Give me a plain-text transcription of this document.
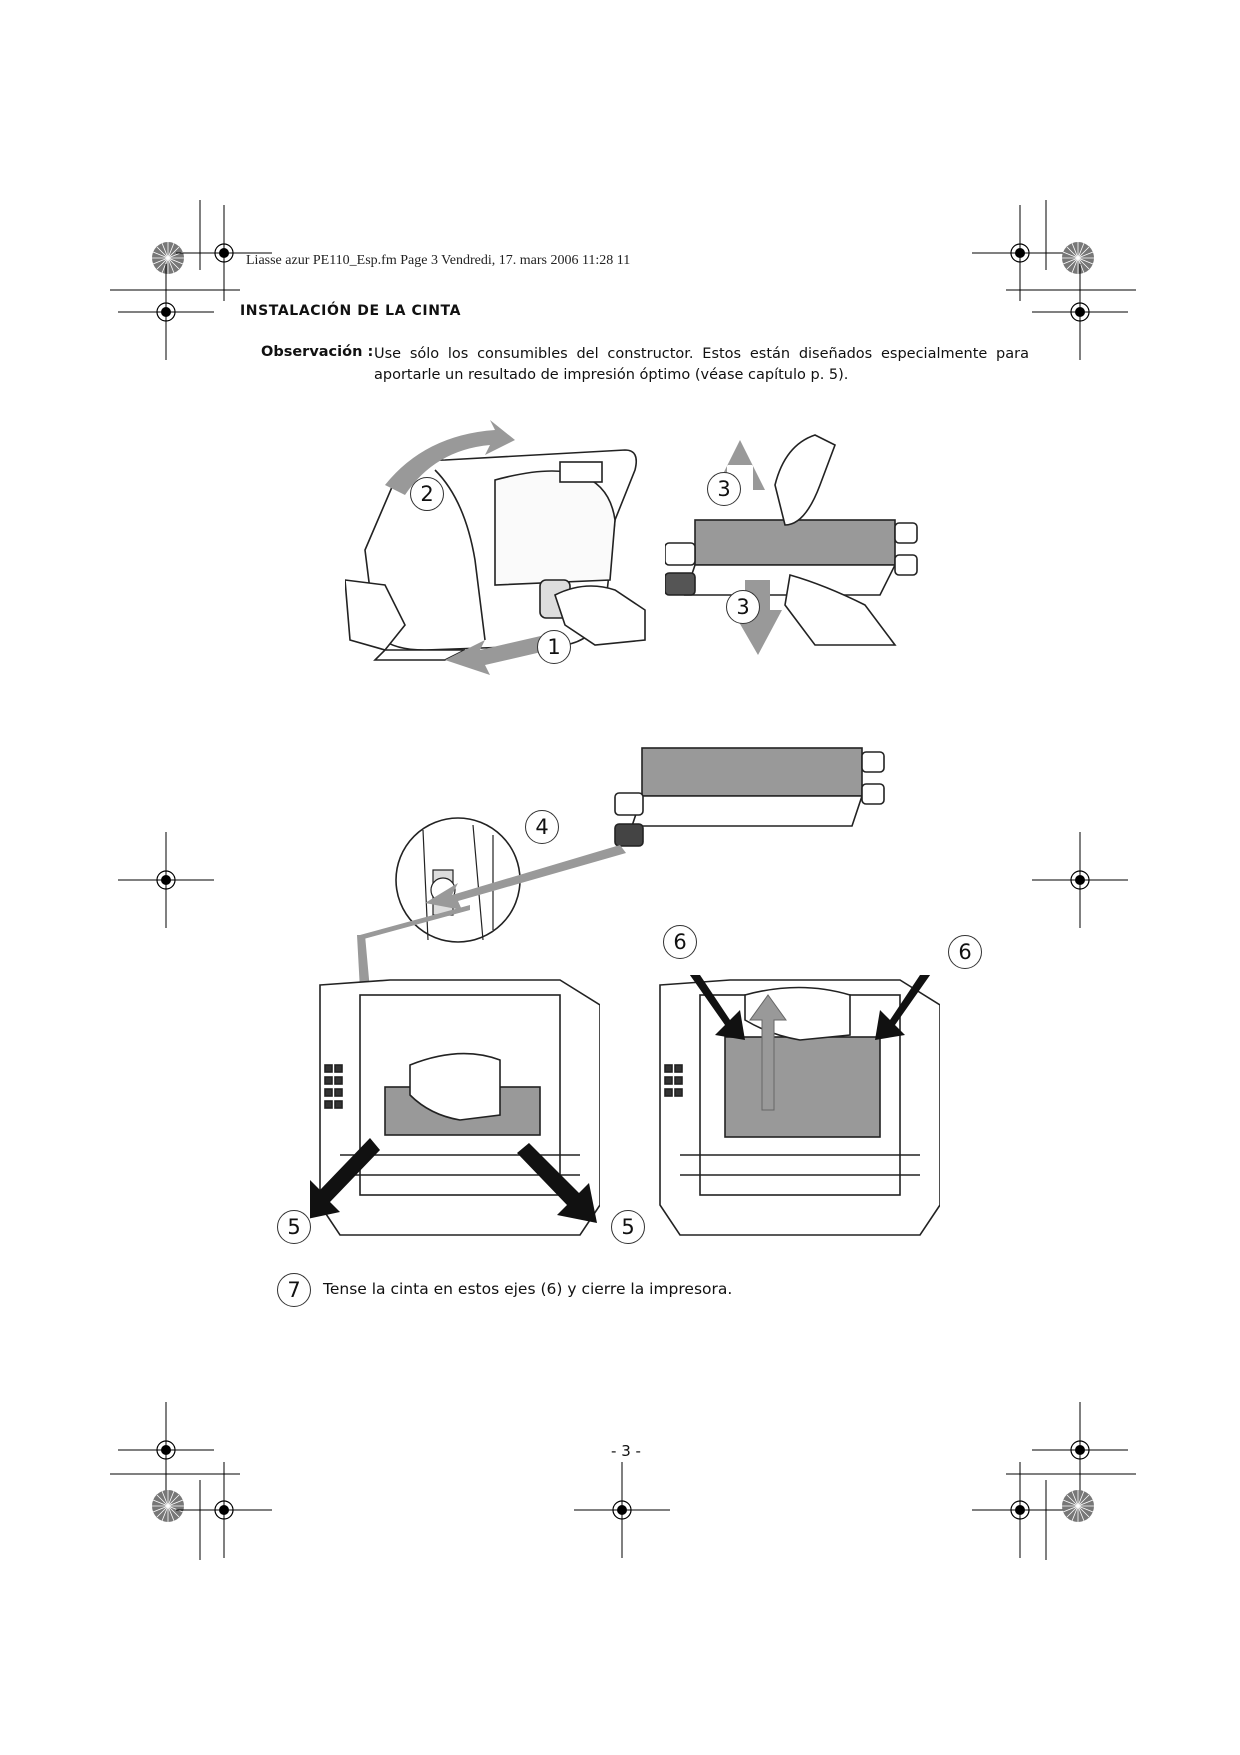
Liasse azur PE110_Esp.fm Page 3 Vendredi, 17. mars 2006 11:28 11
INSTALACIÓN DE LA CINTA
Observación : Use sólo los consumibles del constructor. Estos están diseñados especialmente para
aportarle un resultado de impresión óptimo (véase capítulo p. 5).
2
1
3
3
4
5	5
6	6
7	Tense la cinta en estos ejes (6) y cierre la impresora.
- 3 -
